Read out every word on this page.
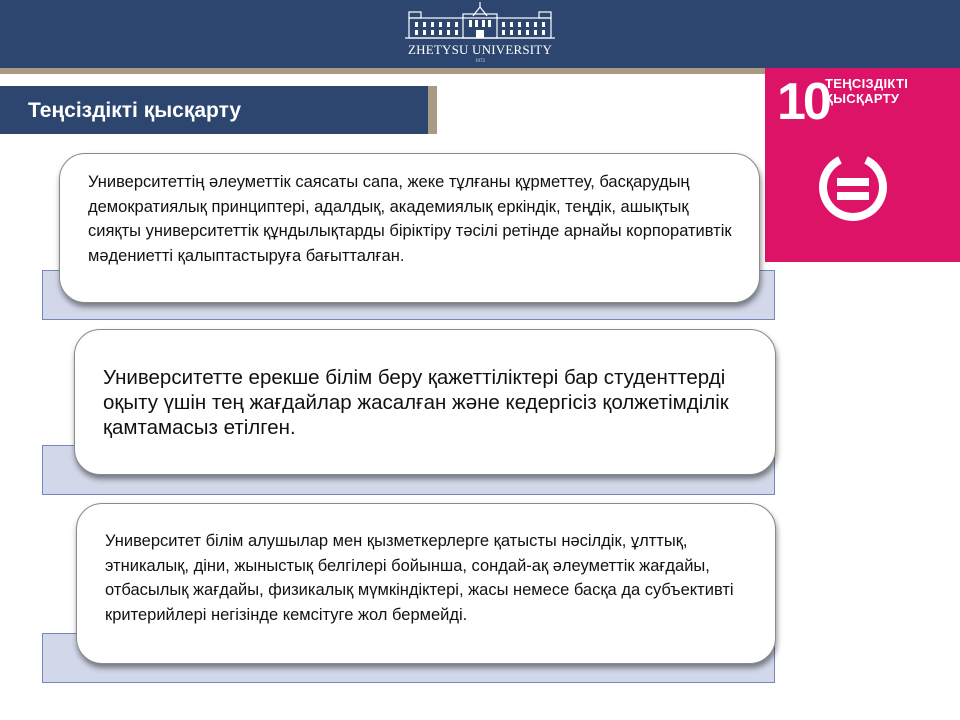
ZHETYSU UNIVERSITY
1972
Теңсіздікті қысқарту	10
ТЕҢСІЗДІКТІ
ҚЫСҚАРТУ

Университеттің әлеуметтік саясаты сапа, жеке тұлғаны құрметтеу, басқарудың демократиялық принциптері, адалдық, академиялық еркіндік, теңдік, ашықтық сияқты университеттік құндылықтарды біріктіру тәсілі ретінде арнайы корпоративтік мәдениетті қалыптастыруға бағытталған.

Университетте ерекше білім беру қажеттіліктері бар студенттерді оқыту үшін тең жағдайлар жасалған және кедергісіз қолжетімділік қамтамасыз етілген.

Университет білім алушылар мен қызметкерлерге қатысты нәсілдік, ұлттық, этникалық, діни, жыныстық белгілері бойынша, сондай-ақ әлеуметтік жағдайы, отбасылық жағдайы, физикалық мүмкіндіктері, жасы немесе басқа да субъективті критерийлері негізінде кемсітуге жол бермейді.
